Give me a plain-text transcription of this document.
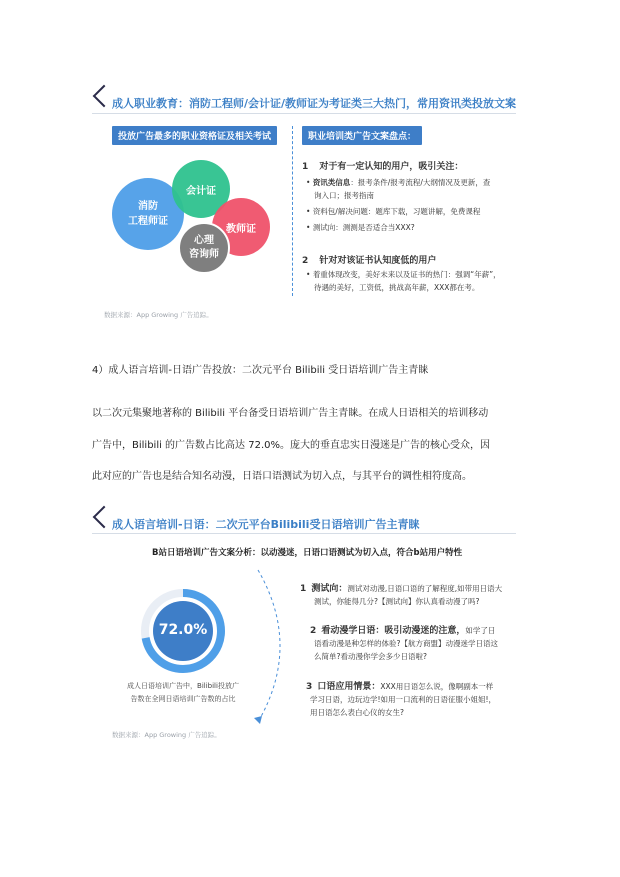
成人职业教育：消防工程师/会计证/教师证为考证类三大热门，常用资讯类投放文案
投放广告最多的职业资格证及相关考试
消防
工程师证
会计证
教师证
心理
咨询师
职业培训类广告文案盘点：
1 对于有一定认知的用户，吸引关注：
• 资讯类信息：报考条件/报考流程/大纲情况及更新，查
询入口；报考指南
• 资料包/解决问题：题库下载，习题讲解，免费课程
• 测试向：测测是否适合当XXX?
2 针对对该证书认知度低的用户
• 着重体现改变，美好未来以及证书的热门：强调“年薪”，
待遇的美好，工资低，挑战高年薪，XXX都在考。
数据来源：App Growing 广告追踪。
4）成人语言培训-日语广告投放：二次元平台 Bilibili 受日语培训广告主青睐
以二次元集聚地著称的 Bilibili 平台备受日语培训广告主青睐。在成人日语相关的培训移动
广告中，Bilibili 的广告数占比高达 72.0%。庞大的垂直忠实日漫迷是广告的核心受众，因
此对应的广告也是结合知名动漫，日语口语测试为切入点，与其平台的调性相符度高。
成人语言培训-日语：二次元平台Bilibili受日语培训广告主青睐
B站日语培训广告文案分析：以动漫迷，日语口语测试为切入点，符合b站用户特性
72.0%
成人日语培训广告中，Bilibili投放广
告数在全网日语培训广告数的占比
1 测试向：测试对动漫,日语口语的了解程度,如带用日语大
测试，你能得几分?【测试向】你认真看动漫了吗?
2 看动漫学日语：吸引动漫迷的注意，如学了日
语看动漫是种怎样的体验?【航方商盟】动漫迷学日语这
么简单?看动漫你学会多少日语啦?
3 口语应用情景：XXX用日语怎么说，像啊副本一样
学习日语，边玩边学!如用一口流利的日语征服小姐姐!，
用日语怎么表白心仪的女生?
数据来源：App Growing 广告追踪。
